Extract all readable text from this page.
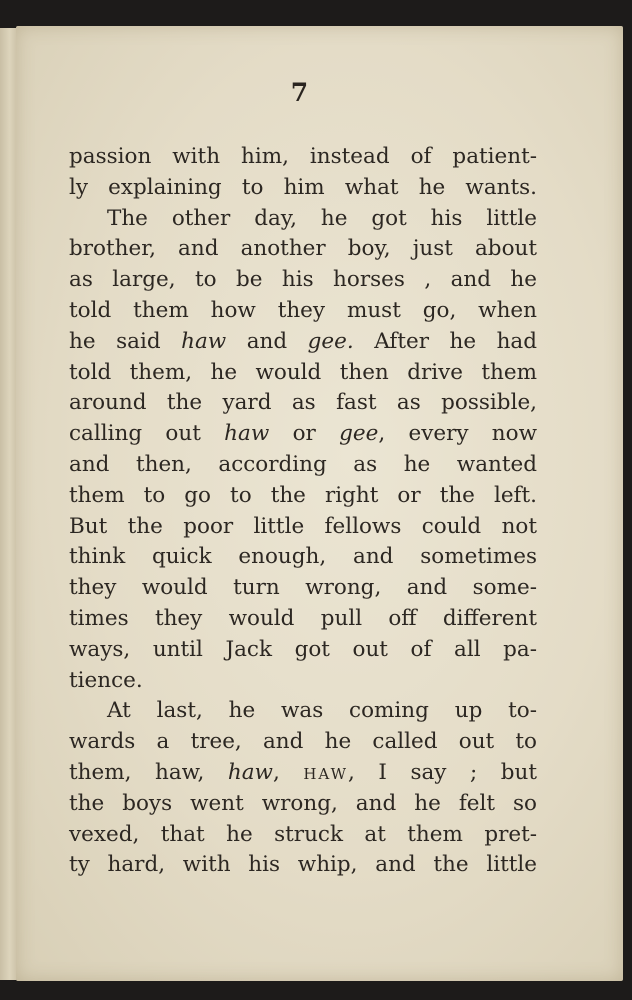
7
passion with him, instead of patient-
ly explaining to him what he wants.
The other day, he got his little
brother, and another boy, just about
as large, to be his horses , and he
told them how they must go, when
he said haw and gee. After he had
told them, he would then drive them
around the yard as fast as possible,
calling out haw or gee, every now
and then, according as he wanted
them to go to the right or the left.
But the poor little fellows could not
think quick enough, and sometimes
they would turn wrong, and some-
times they would pull off different
ways, until Jack got out of all pa-
tience.
At last, he was coming up to-
wards a tree, and he called out to
them, haw, haw, HAW, I say ; but
the boys went wrong, and he felt so
vexed, that he struck at them pret-
ty hard, with his whip, and the little
